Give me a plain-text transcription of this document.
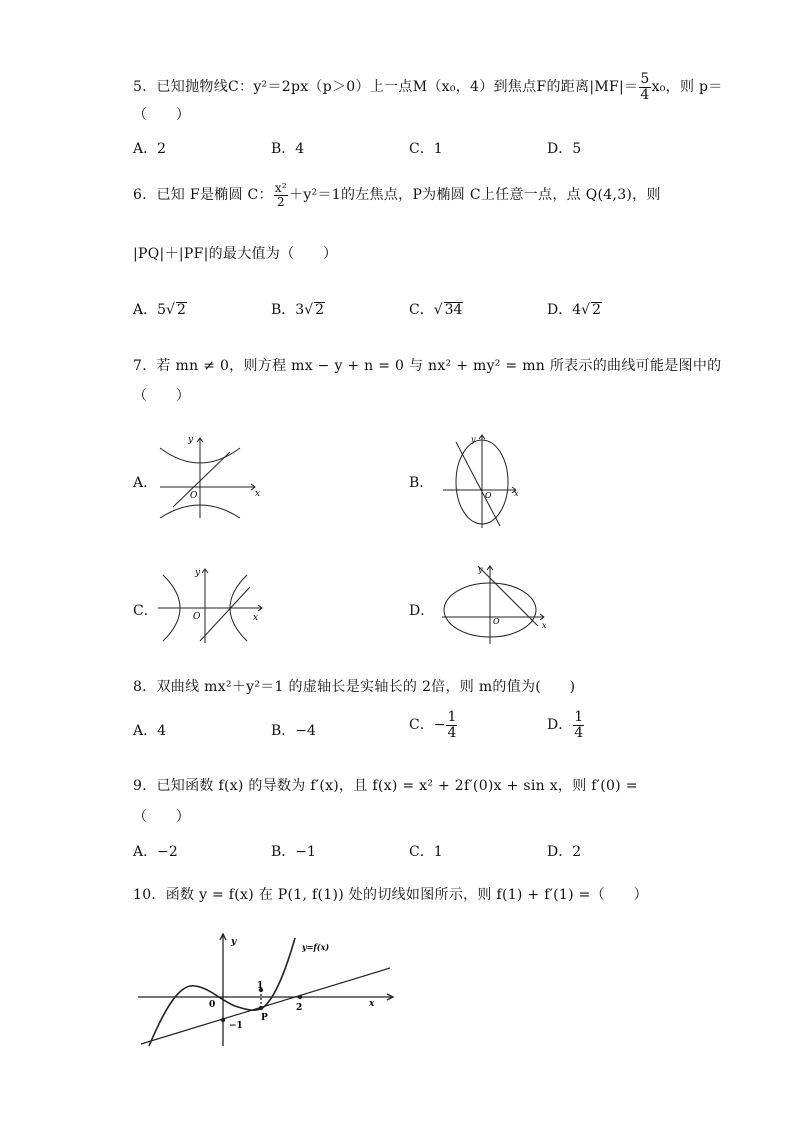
5．已知抛物线C：y²＝2px（p＞0）上一点M（x₀，4）到焦点F的距离$|MF|= \frac{5}{4} x_0$，则 p＝
（　　）
A．2	B．4	C．1	D．5
6．已知 F是椭圆 C： $\frac{\text{x²}}{2} +y^2=1$的左焦点，P为椭圆 C上任意一点，点 Q(4,3)，则
|PQ|＋|PF|的最大值为（　　）
A．5√ 2	B．3√ 2	C．√ 34	D．4√ 2
7．若 mn ≠ 0，则方程 mx − y + n = 0 与 nx² + my² = mn 所表示的曲线可能是图中的
（　　）
A．	B．
C．	D．
y
x
O
y
x
O
y
x
O
y
x
O
8．双曲线 mx²＋y²＝1 的虚轴长是实轴长的 2倍，则 m的值为(　　)
A．4	B．−4	C．− $\frac{1}{4}$	D． $\frac{1}{4}$
9．已知函数 f(x) 的导数为 f′(x)，且 f(x) = x² + 2f′(0)x + sin x，则 f′(0) =
（　　）
A．−2	B．−1	C．1	D．2
10．函数 y = f(x) 在 P(1, f(1)) 处的切线如图所示，则 f(1) + f′(1) =（　　）
y=f(x)
y
x
0
1
2
−1
P
